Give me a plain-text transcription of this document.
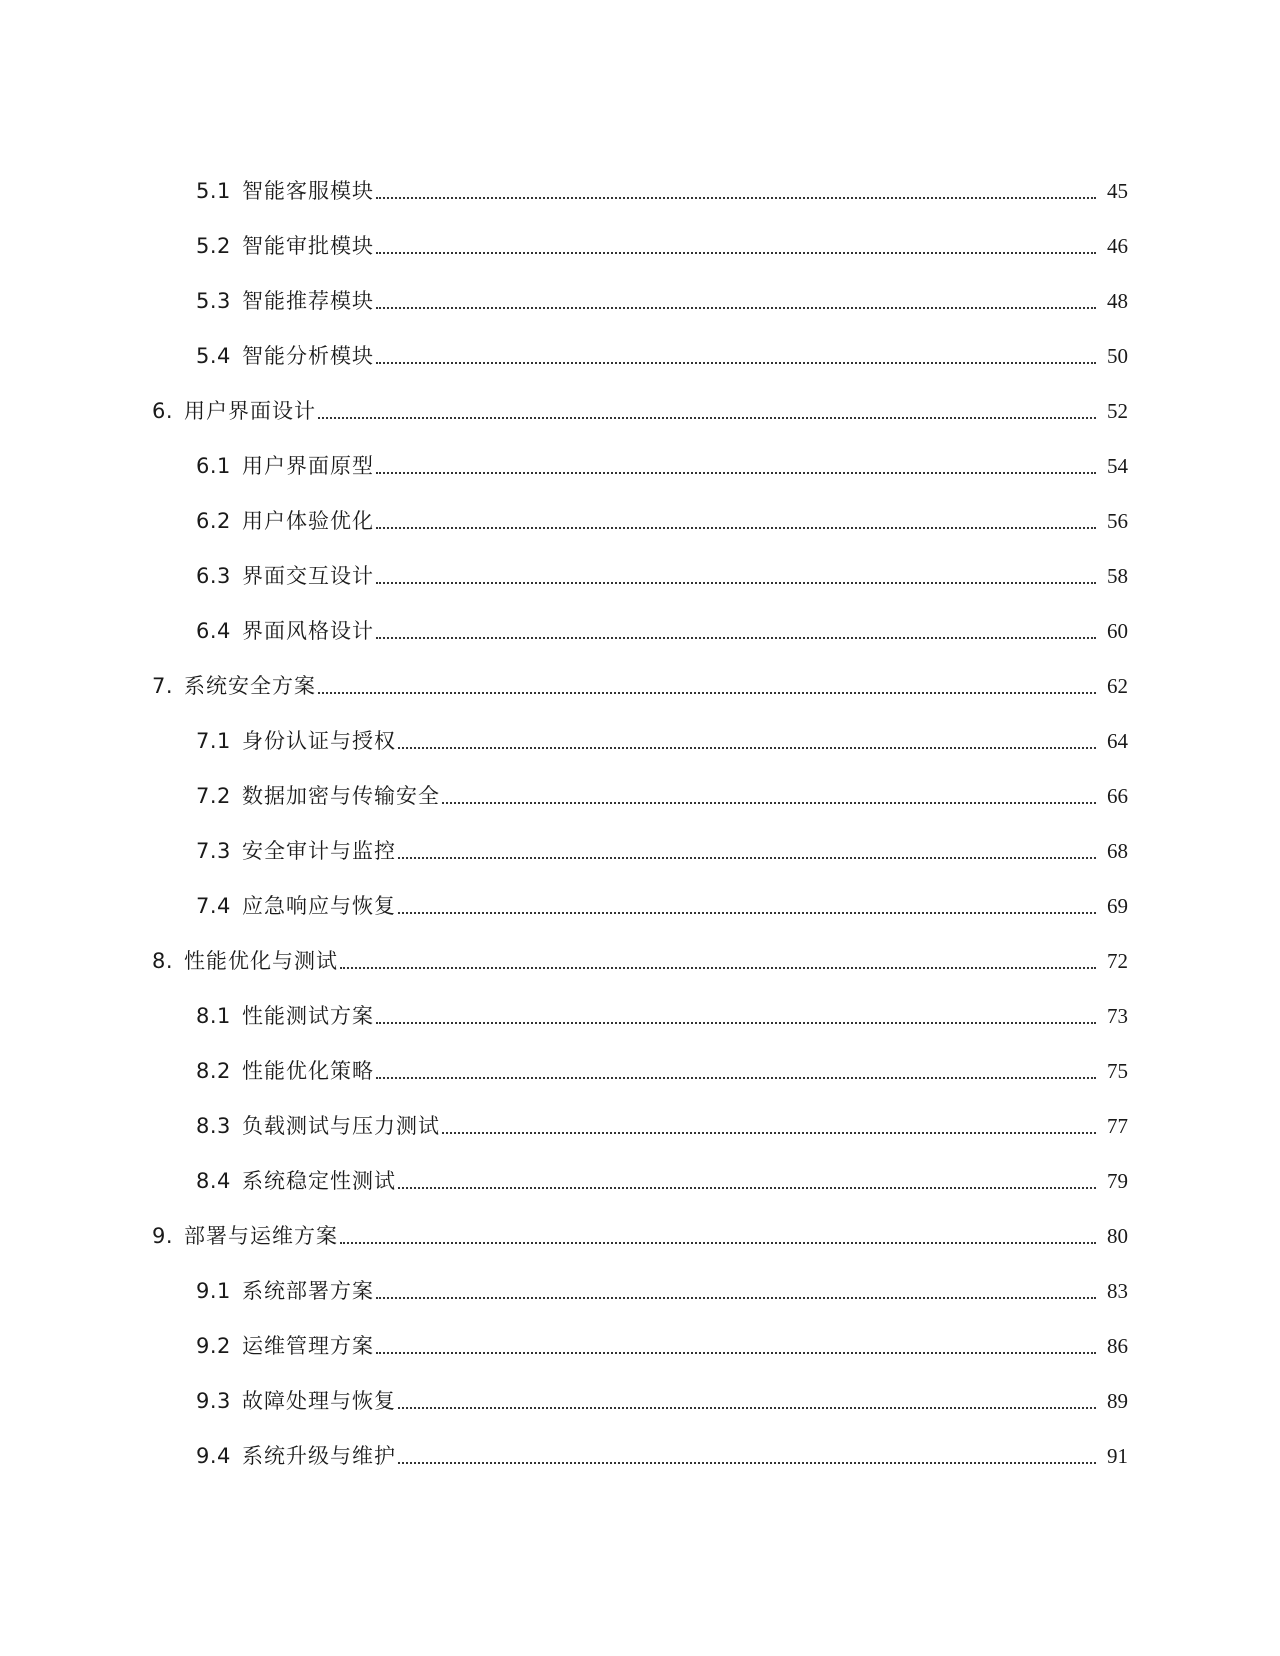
5.1 智能客服模块	45
5.2 智能审批模块	46
5.3 智能推荐模块	48
5.4 智能分析模块	50
6. 用户界面设计	52
6.1 用户界面原型	54
6.2 用户体验优化	56
6.3 界面交互设计	58
6.4 界面风格设计	60
7. 系统安全方案	62
7.1 身份认证与授权	64
7.2 数据加密与传输安全	66
7.3 安全审计与监控	68
7.4 应急响应与恢复	69
8. 性能优化与测试	72
8.1 性能测试方案	73
8.2 性能优化策略	75
8.3 负载测试与压力测试	77
8.4 系统稳定性测试	79
9. 部署与运维方案	80
9.1 系统部署方案	83
9.2 运维管理方案	86
9.3 故障处理与恢复	89
9.4 系统升级与维护	91
